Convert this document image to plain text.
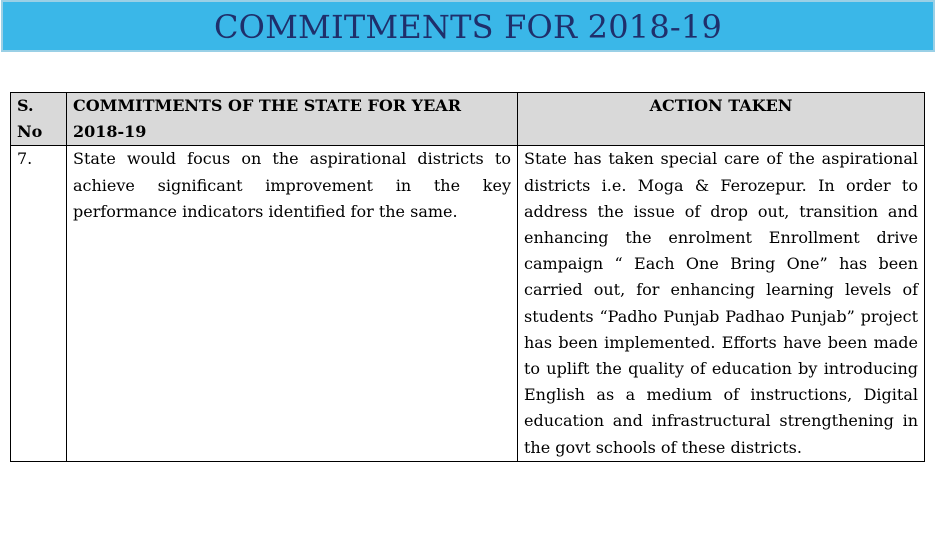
COMMITMENTS FOR 2018-19
S. No	COMMITMENTS OF THE STATE FOR YEAR 2018-19	ACTION TAKEN
7.	State would focus on the aspirational districts to achieve significant improvement in the key performance indicators identified for the same.	State has taken special care of the aspirational districts i.e. Moga & Ferozepur. In order to address the issue of drop out, transition and enhancing the enrolment Enrollment drive campaign “ Each One Bring One” has been carried out, for enhancing learning levels of students “Padho Punjab Padhao Punjab” project has been implemented. Efforts have been made to uplift the quality of education by introducing English as a medium of instructions, Digital education and infrastructural strengthening in the govt schools of these districts.
